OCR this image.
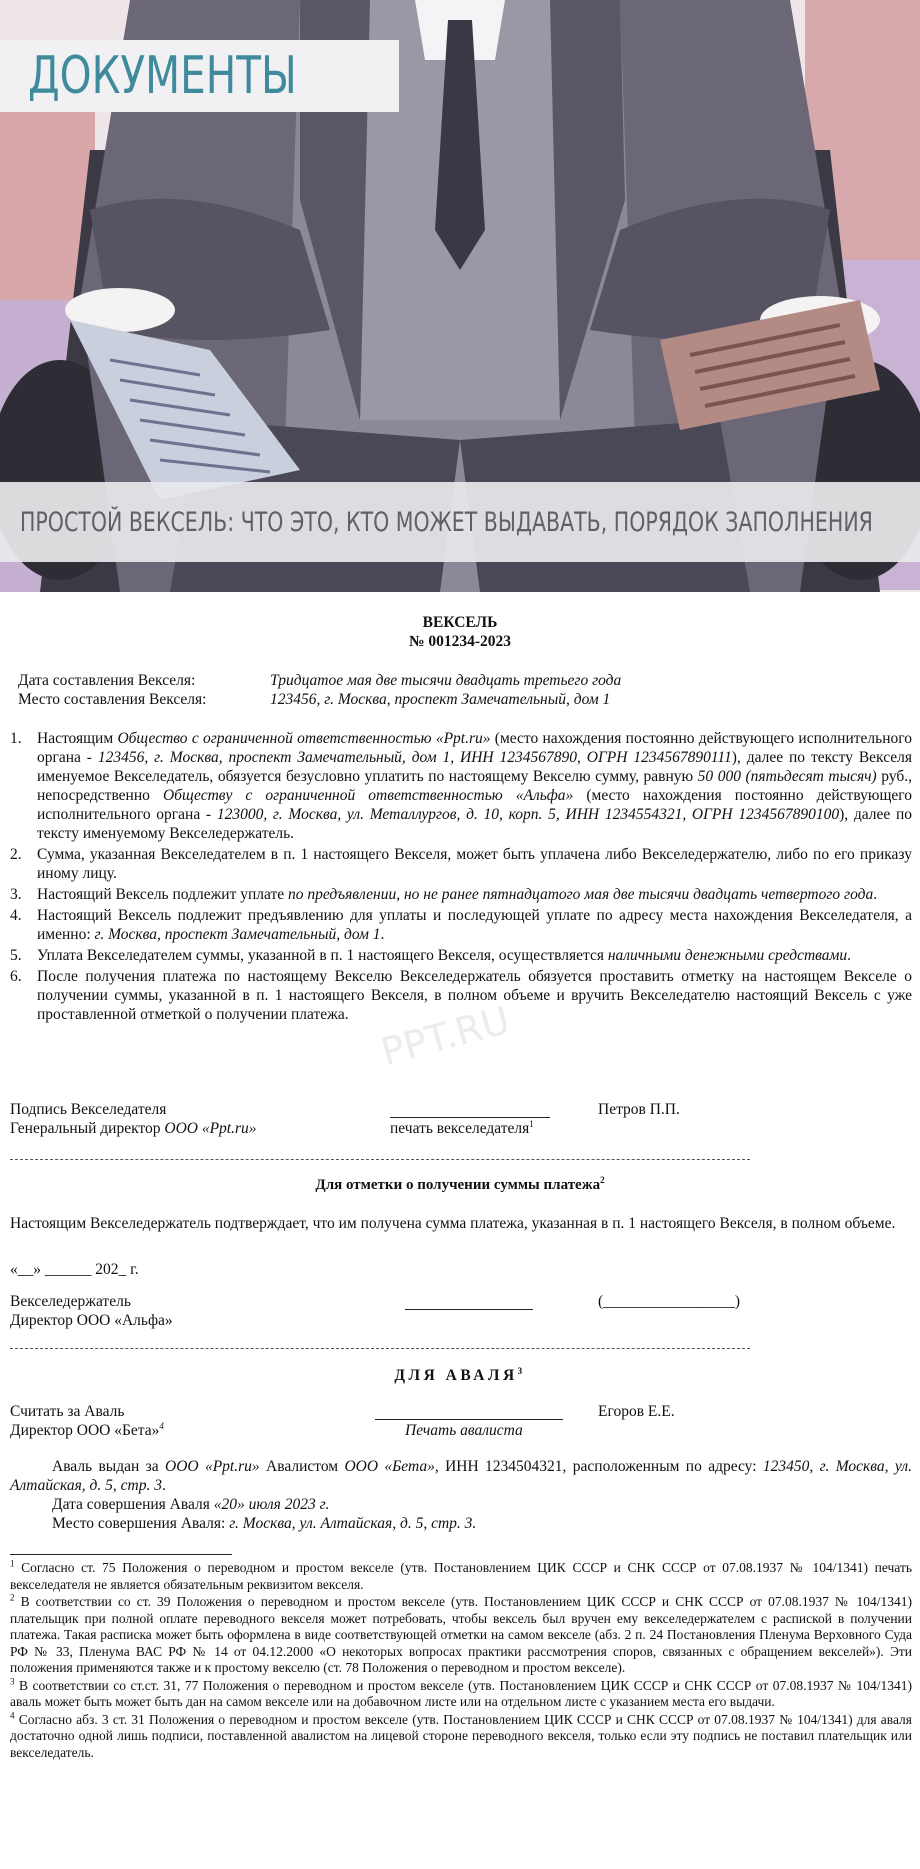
ДОКУМЕНТЫ
ПРОСТОЙ ВЕКСЕЛЬ: ЧТО ЭТО, КТО МОЖЕТ ВЫДАВАТЬ, ПОРЯДОК ЗАПОЛНЕНИЯ
ВЕКСЕЛЬ
№ 001234-2023
Дата составления Векселя:	Тридцатое мая две тысячи двадцать третьего года
Место составления Векселя:	123456, г. Москва, проспект Замечательный, дом 1
1. Настоящим Общество с ограниченной ответственностью «Ppt.ru» (место нахождения постоянно действующего исполнительного органа - 123456, г. Москва, проспект Замечательный, дом 1, ИНН 1234567890, ОГРН 1234567890111), далее по тексту Векселя именуемое Векселедатель, обязуется безусловно уплатить по настоящему Векселю сумму, равную 50 000 (пятьдесят тысяч) руб., непосредственно Обществу с ограниченной ответственностью «Альфа» (место нахождения постоянно действующего исполнительного органа - 123000, г. Москва, ул. Металлургов, д. 10, корп. 5, ИНН 1234554321, ОГРН 1234567890100), далее по тексту именуемому Векселедержатель.
2. Сумма, указанная Векселедателем в п. 1 настоящего Векселя, может быть уплачена либо Векселедержателю, либо по его приказу иному лицу.
3. Настоящий Вексель подлежит уплате по предъявлении, но не ранее пятнадцатого мая две тысячи двадцать четвертого года.
4. Настоящий Вексель подлежит предъявлению для уплаты и последующей уплате по адресу места нахождения Векселедателя, а именно: г. Москва, проспект Замечательный, дом 1.
5. Уплата Векселедателем суммы, указанной в п. 1 настоящего Векселя, осуществляется наличными денежными средствами.
6. После получения платежа по настоящему Векселю Векселедержатель обязуется проставить отметку на настоящем Векселе о получении суммы, указанной в п. 1 настоящего Векселя, в полном объеме и вручить Векселедателю настоящий Вексель с уже проставленной отметкой о получении платежа.
Подпись Векселедателя
Генеральный директор ООО «Ppt.ru»	печать векселедателя$^1$
Петров П.П.
Для отметки о получении суммы платежа$^2$
Настоящим Векселедержатель подтверждает, что им получена сумма платежа, указанная в п. 1 настоящего Векселя, в полном объеме.
«__» ______ 202_ г.
Векселедержатель
Директор ООО «Альфа»
(_________________)
ДЛЯ АВАЛЯ$^3$
Считать за Аваль
Директор ООО «Бета»$^4$	Печать авалиста
Егоров Е.Е.
Аваль выдан за ООО «Ppt.ru» Авалистом ООО «Бета», ИНН 1234504321, расположенным по адресу: 123450, г. Москва, ул. Алтайская, д. 5, стр. 3.
Дата совершения Аваля «20» июля 2023 г.
Место совершения Аваля: г. Москва, ул. Алтайская, д. 5, стр. 3.
$^1$ Согласно ст. 75 Положения о переводном и простом векселе (утв. Постановлением ЦИК СССР и СНК СССР от 07.08.1937 № 104/1341) печать векселедателя не является обязательным реквизитом векселя.
$^2$ В соответствии со ст. 39 Положения о переводном и простом векселе (утв. Постановлением ЦИК СССР и СНК СССР от 07.08.1937 № 104/1341) плательщик при полной оплате переводного векселя может потребовать, чтобы вексель был вручен ему векселедержателем с распиской в получении платежа. Такая расписка может быть оформлена в виде соответствующей отметки на самом векселе (абз. 2 п. 24 Постановления Пленума Верховного Суда РФ № 33, Пленума ВАС РФ № 14 от 04.12.2000 «О некоторых вопросах практики рассмотрения споров, связанных с обращением векселей»). Эти положения применяются также и к простому векселю (ст. 78 Положения о переводном и простом векселе).
$^3$ В соответствии со ст.ст. 31, 77 Положения о переводном и простом векселе (утв. Постановлением ЦИК СССР и СНК СССР от 07.08.1937 № 104/1341) аваль может быть может быть дан на самом векселе или на добавочном листе или на отдельном листе с указанием места его выдачи.
$^4$ Согласно абз. 3 ст. 31 Положения о переводном и простом векселе (утв. Постановлением ЦИК СССР и СНК СССР от 07.08.1937 № 104/1341) для аваля достаточно одной лишь подписи, поставленной авалистом на лицевой стороне переводного векселя, только если эту подпись не поставил плательщик или векселедатель.
PPT.RU
